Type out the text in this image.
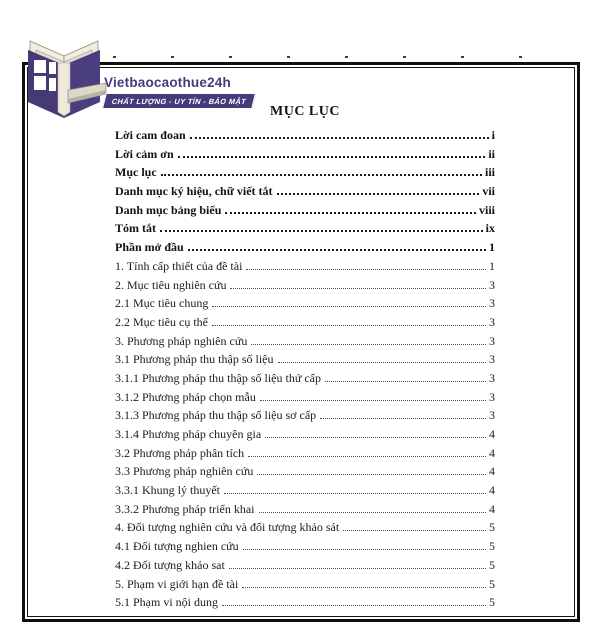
MỤC LỤC
Lời cam đoan	i
Lời cảm ơn	ii
Mục lục	iii
Danh mục ký hiệu, chữ viết tắt	vii
Danh mục bảng biểu	viii
Tóm tắt	ix
Phần mở đầu	1
1. Tính cấp thiết của đề tài	1
2. Mục tiêu nghiên cứu	3
2.1 Mục tiêu chung	3
2.2 Mục tiêu cụ thể	3
3. Phương pháp nghiên cứu	3
3.1 Phương pháp thu thập số liệu	3
3.1.1 Phương pháp thu thập số liệu thứ cấp	3
3.1.2 Phương pháp chọn mẫu	3
3.1.3 Phương pháp thu thập số liệu sơ cấp	3
3.1.4 Phương pháp chuyên gia	4
3.2 Phương pháp phân tích	4
3.3 Phương pháp nghiên cứu	4
3.3.1 Khung lý thuyết	4
3.3.2 Phương pháp triển khai	4
4. Đối tượng nghiên cứu và đối tượng khảo sát	5
4.1 Đối tượng nghien cứu	5
4.2 Đối tượng khảo sat	5
5. Phạm vi giới hạn đề tài	5
5.1 Phạm vi nội dung	5
Vietbaocaothue24h
CHẤT LƯỢNG - UY TÍN - BẢO MẬT
